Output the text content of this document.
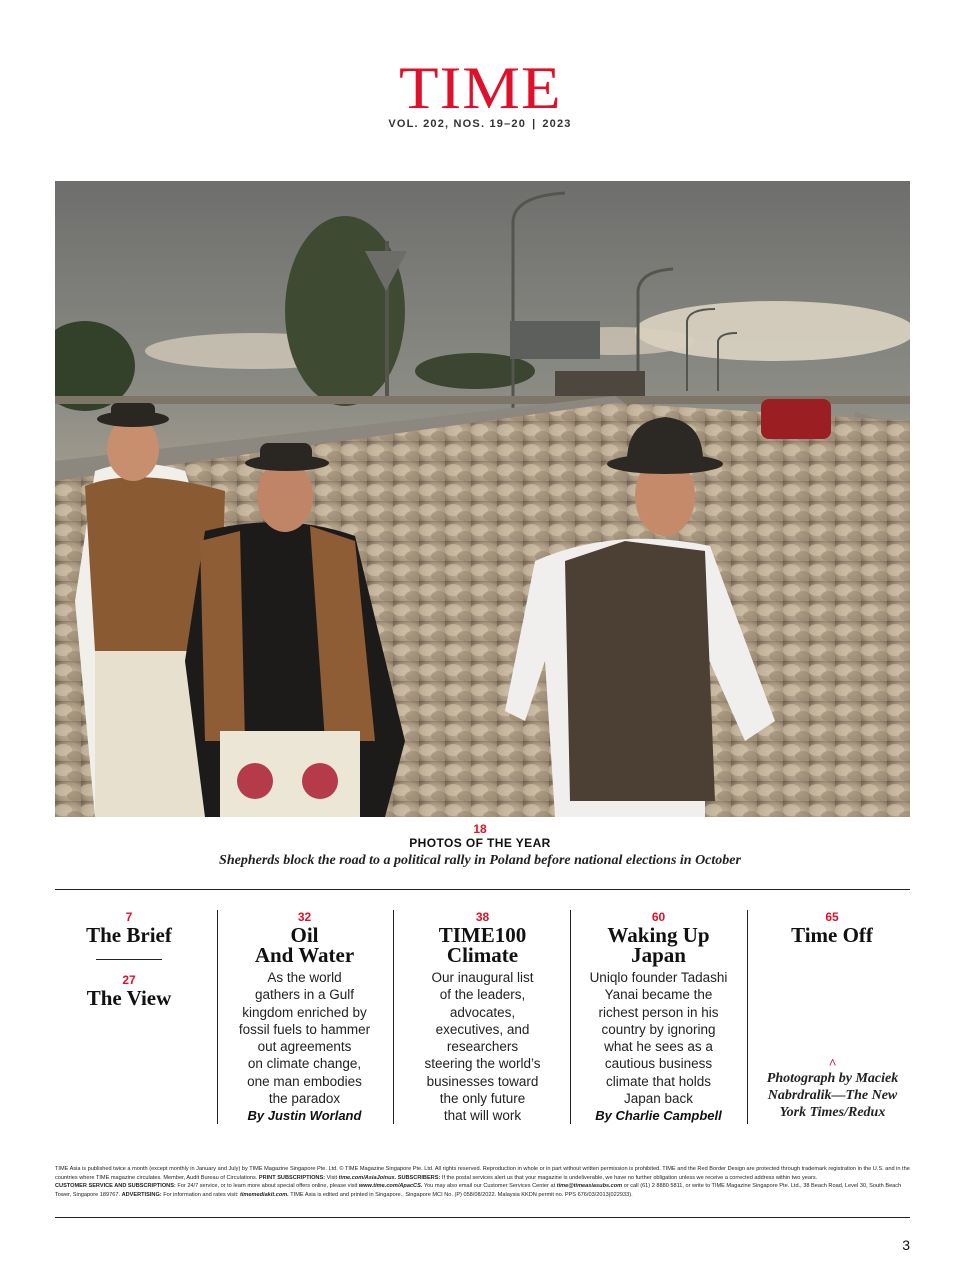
TIME
VOL. 202, NOS. 19–20 | 2023
18
PHOTOS OF THE YEAR
Shepherds block the road to a political rally in Poland before national elections in October
7
The Brief
27
The View
32
Oil
And Water
As the world
gathers in a Gulf
kingdom enriched by
fossil fuels to hammer
out agreements
on climate change,
one man embodies
the paradox
By Justin Worland
38
TIME100
Climate
Our inaugural list
of the leaders,
advocates,
executives, and
researchers
steering the world’s
businesses toward
the only future
that will work
60
Waking Up
Japan
Uniqlo founder Tadashi
Yanai became the
richest person in his
country by ignoring
what he sees as a
cautious business
climate that holds
Japan back
By Charlie Campbell
65
Time Off
^
Photograph by Maciek
Nabrdralik—The New
York Times/Redux
TIME Asia is published twice a month (except monthly in January and July) by TIME Magazine Singapore Pte. Ltd. © TIME Magazine Singapore Pte. Ltd. All rights reserved. Reproduction in whole or in part without written permission is prohibited. TIME and the Red Border Design are protected through trademark registration in the U.S. and in the countries where TIME magazine circulates. Member, Audit Bureau of Circulations. PRINT SUBSCRIPTIONS: Visit time.com/AsiaJoinus. SUBSCRIBERS: If the postal services alert us that your magazine is undeliverable, we have no further obligation unless we receive a corrected address within two years.
CUSTOMER SERVICE AND SUBSCRIPTIONS: For 24/7 service, or to learn more about special offers online, please visit www.time.com/ApacCS. You may also email our Customer Services Center at time@timeasiasubs.com or call (61) 2 8880 5811, or write to TIME Magazine Singapore Pte. Ltd., 38 Beach Road, Level 30, South Beach Tower, Singapore 189767. ADVERTISING: For information and rates visit: timemediakit.com. TIME Asia is edited and printed in Singapore.. Singapore MCI No. (P) 058/08/2022. Malaysia KKDN permit no. PPS 676/03/2013(022933).
3
